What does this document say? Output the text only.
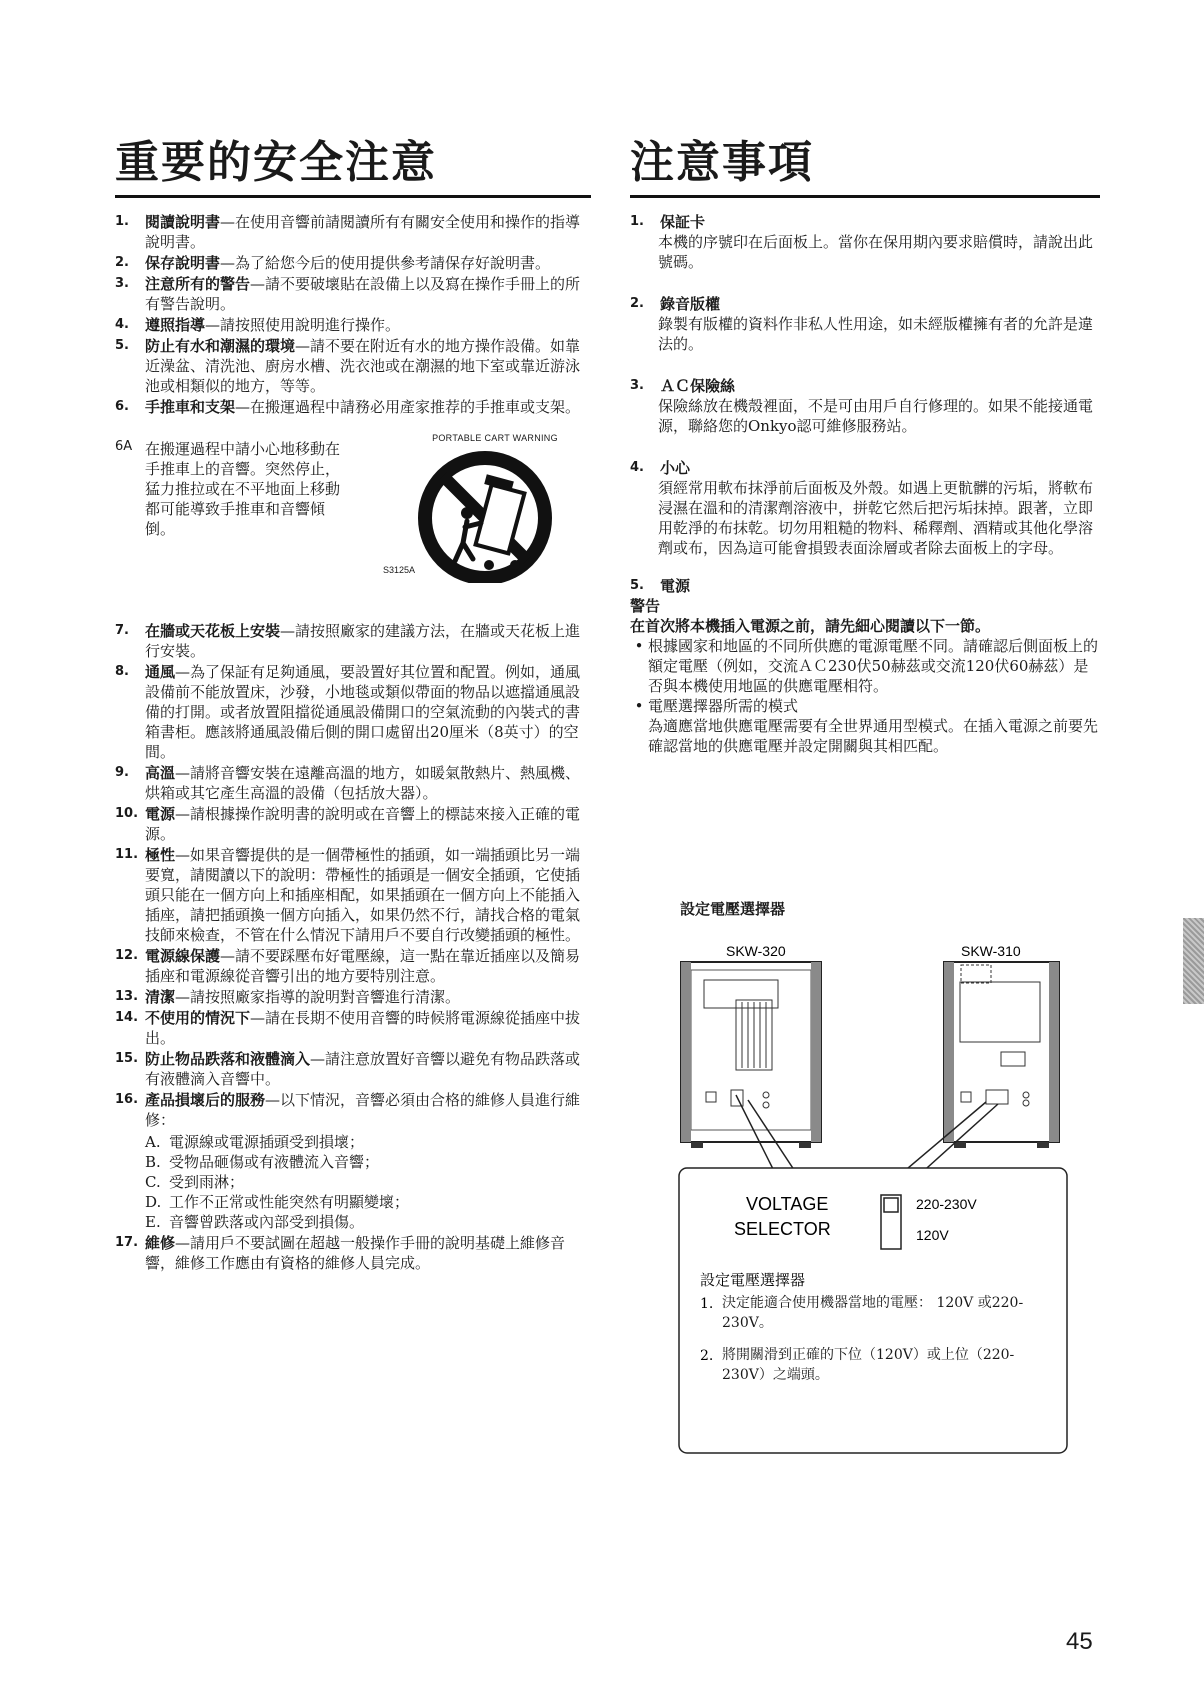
重要的安全注意
1.	閱讀說明書—在使用音響前請閱讀所有有關安全使用和操作的指導說明書。
2.	保存說明書—為了給您今后的使用提供參考請保存好說明書。
3.	注意所有的警告—請不要破壞貼在設備上以及寫在操作手冊上的所有警告說明。
4.	遵照指導—請按照使用說明進行操作。
5.	防止有水和潮濕的環境—請不要在附近有水的地方操作設備。如靠近澡盆、清洗池、廚房水槽、洗衣池或在潮濕的地下室或靠近游泳池或相類似的地方，等等。
6.	手推車和支架—在搬運過程中請務必用產家推荐的手推車或支架。
6A 在搬運過程中請小心地移動在手推車上的音響。突然停止，猛力推拉或在不平地面上移動都可能導致手推車和音響傾倒。
PORTABLE CART WARNING
S3125A
7.	在牆或天花板上安裝—請按照廠家的建議方法，在牆或天花板上進行安裝。
8.	通風—為了保証有足夠通風，要設置好其位置和配置。例如，通風設備前不能放置床，沙發，小地毯或類似帶面的物品以遮擋通風設備的打開。或者放置阻擋從通風設備開口的空氣流動的內裝式的書箱書柜。應該將通風設備后側的開口處留出20厘米（8英寸）的空間。
9.	高溫—請將音響安裝在遠離高溫的地方，如暖氣散熱片、熱風機、烘箱或其它產生高溫的設備（包括放大器）。
10. 電源—請根據操作說明書的說明或在音響上的標誌來接入正確的電源。
11. 極性—如果音響提供的是一個帶極性的插頭，如一端插頭比另一端要寬，請閱讀以下的說明：帶極性的插頭是一個安全插頭，它使插頭只能在一個方向上和插座相配，如果插頭在一個方向上不能插入插座，請把插頭換一個方向插入，如果仍然不行，請找合格的電氣技師來檢查，不管在什么情況下請用戶不要自行改變插頭的極性。
12. 電源線保護—請不要踩壓布好電壓線，這一點在靠近插座以及簡易插座和電源線從音響引出的地方要特別注意。
13. 清潔—請按照廠家指導的說明對音響進行清潔。
14. 不使用的情況下—請在長期不使用音響的時候將電源線從插座中拔出。
15. 防止物品跌落和液體滴入—請注意放置好音響以避免有物品跌落或有液體滴入音響中。
16. 產品損壞后的服務—以下情況，音響必須由合格的維修人員進行維修：
A. 電源線或電源插頭受到損壞；
B. 受物品砸傷或有液體流入音響；
C. 受到雨淋；
D. 工作不正常或性能突然有明顯變壞；
E. 音響曾跌落或內部受到損傷。
17. 維修—請用戶不要試圖在超越一般操作手冊的說明基礎上維修音響，維修工作應由有資格的維修人員完成。
注意事項
1.	保証卡
本機的序號印在后面板上。當你在保用期內要求賠償時，請說出此號碼。
2.	錄音版權
錄製有版權的資料作非私人性用途，如未經版權擁有者的允許是違法的。
3.	ＡＣ保險絲
保險絲放在機殼裡面，不是可由用戶自行修理的。如果不能接通電源，聯絡您的Onkyo認可維修服務站。
4.	小心
須經常用軟布抹淨前后面板及外殼。如遇上更骯髒的污垢，將軟布浸濕在溫和的清潔劑溶液中，拼乾它然后把污垢抹掉。跟著，立即用乾淨的布抹乾。切勿用粗糙的物料、稀釋劑、酒精或其他化學溶劑或布，因為這可能會損毀表面涂層或者除去面板上的字母。
5.	電源
警告
在首次將本機插入電源之前，請先細心閱讀以下一節。
• 根據國家和地區的不同所供應的電源電壓不同。請確認后側面板上的額定電壓（例如，交流ＡＣ230伏50赫茲或交流120伏60赫茲）是否與本機使用地區的供應電壓相符。
• 電壓選擇器所需的模式
為適應當地供應電壓需要有全世界通用型模式。在插入電源之前要先確認當地的供應電壓并設定開關與其相匹配。
設定電壓選擇器
SKW-320	SKW-310
VOLTAGE
SELECTOR
220-230V
120V
設定電壓選擇器
1. 決定能適合使用機器當地的電壓： 120V 或220-230V。
2. 將開關滑到正確的下位（120V）或上位（220-230V）之端頭。
45
